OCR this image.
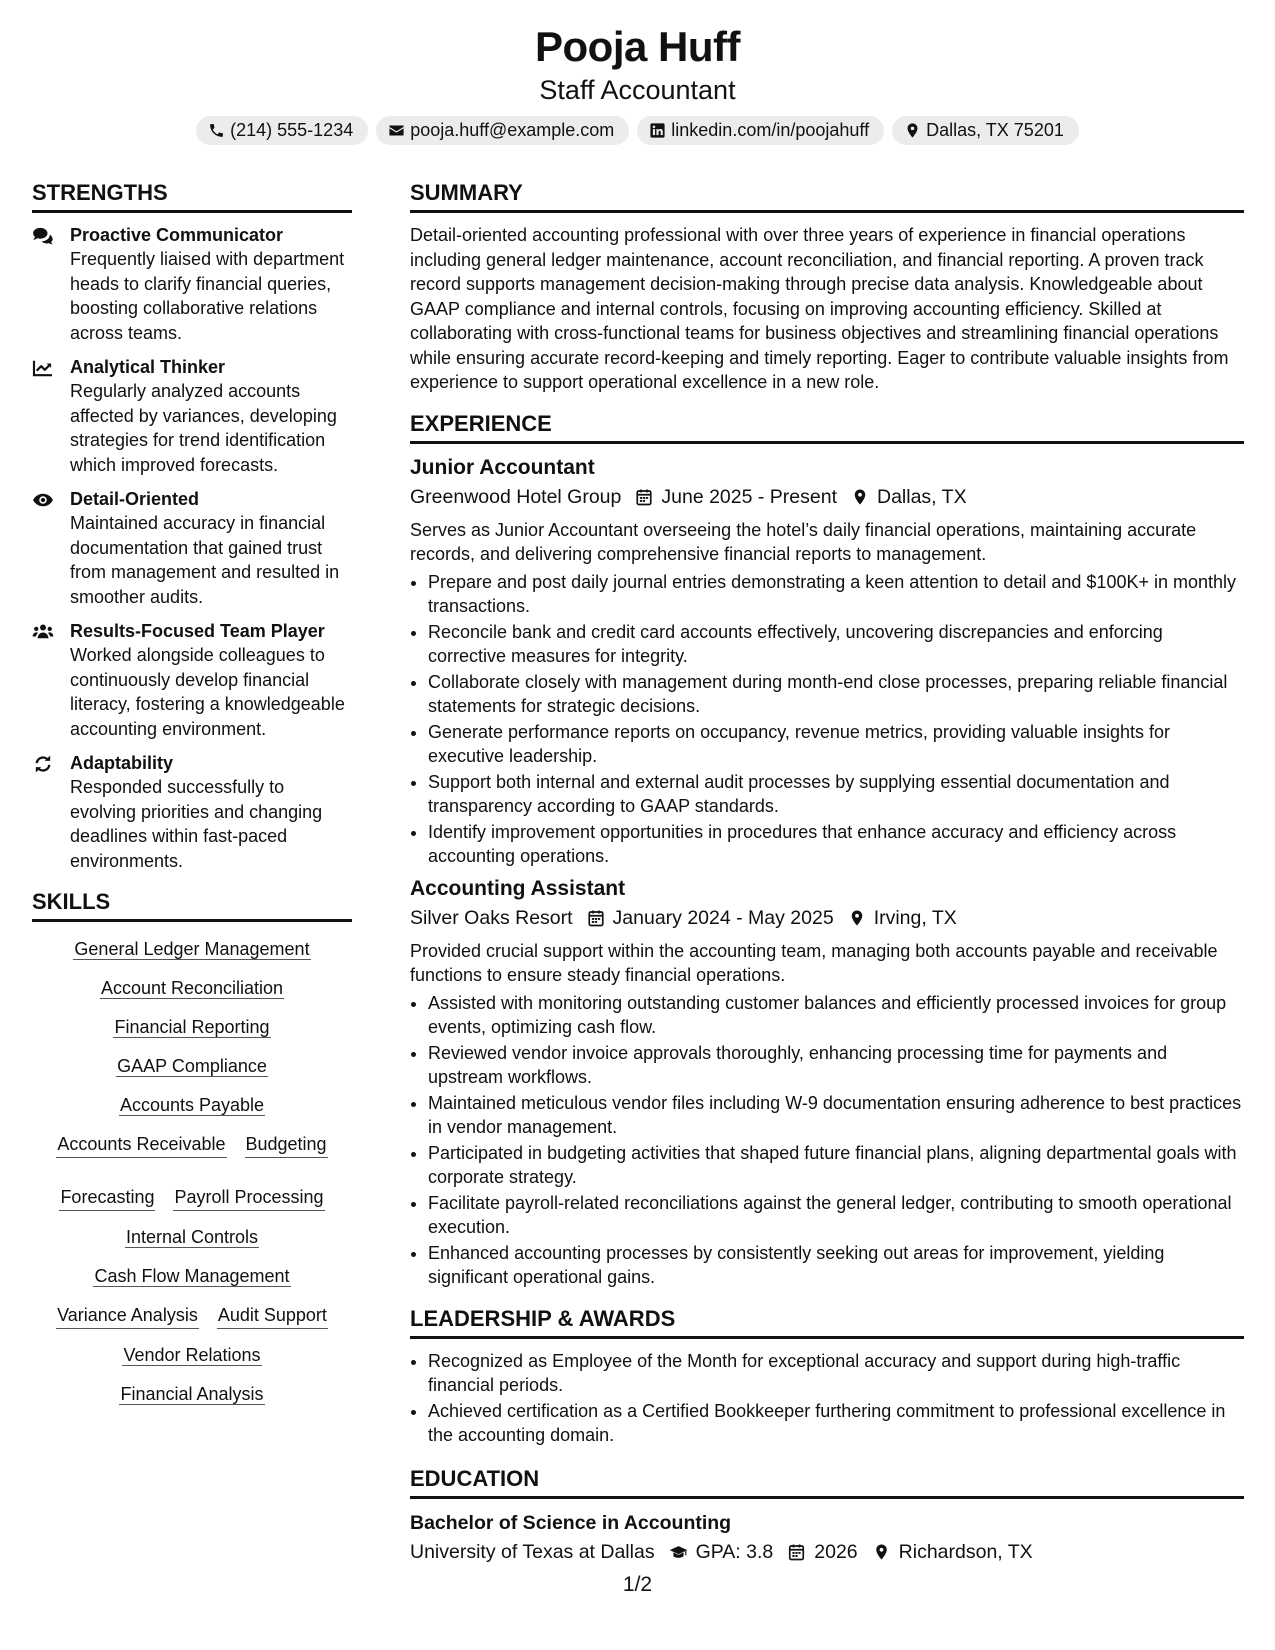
Pooja Huff
Staff Accountant
(214) 555-1234	pooja.huff@example.com	linkedin.com/in/poojahuff	Dallas, TX 75201
STRENGTHS
Proactive Communicator
Frequently liaised with department heads to clarify financial queries, boosting collaborative relations across teams.
Analytical Thinker
Regularly analyzed accounts affected by variances, developing strategies for trend identification which improved forecasts.
Detail-Oriented
Maintained accuracy in financial documentation that gained trust from management and resulted in smoother audits.
Results-Focused Team Player
Worked alongside colleagues to continuously develop financial literacy, fostering a knowledgeable accounting environment.
Adaptability
Responded successfully to evolving priorities and changing deadlines within fast-paced environments.
SKILLS
General Ledger Management
Account Reconciliation
Financial Reporting
GAAP Compliance
Accounts Payable
Accounts Receivable Budgeting
Forecasting Payroll Processing
Internal Controls
Cash Flow Management
Variance Analysis Audit Support
Vendor Relations
Financial Analysis
SUMMARY

Detail-oriented accounting professional with over three years of experience in financial operations including general ledger maintenance, account reconciliation, and financial reporting. A proven track record supports management decision-making through precise data analysis. Knowledgeable about GAAP compliance and internal controls, focusing on improving accounting efficiency. Skilled at collaborating with cross-functional teams for business objectives and streamlining financial operations while ensuring accurate record-keeping and timely reporting. Eager to contribute valuable insights from experience to support operational excellence in a new role.

EXPERIENCE
Junior Accountant
Greenwood Hotel Group June 2025 - Present Dallas, TX

Serves as Junior Accountant overseeing the hotel’s daily financial operations, maintaining accurate records, and delivering comprehensive financial reports to management.

• Prepare and post daily journal entries demonstrating a keen attention to detail and $100K+ in monthly transactions.
• Reconcile bank and credit card accounts effectively, uncovering discrepancies and enforcing corrective measures for integrity.
• Collaborate closely with management during month-end close processes, preparing reliable financial statements for strategic decisions.
• Generate performance reports on occupancy, revenue metrics, providing valuable insights for executive leadership.
• Support both internal and external audit processes by supplying essential documentation and transparency according to GAAP standards.
• Identify improvement opportunities in procedures that enhance accuracy and efficiency across accounting operations.
Accounting Assistant
Silver Oaks Resort January 2024 - May 2025 Irving, TX

Provided crucial support within the accounting team, managing both accounts payable and receivable functions to ensure steady financial operations.

• Assisted with monitoring outstanding customer balances and efficiently processed invoices for group events, optimizing cash flow.
• Reviewed vendor invoice approvals thoroughly, enhancing processing time for payments and upstream workflows.
• Maintained meticulous vendor files including W-9 documentation ensuring adherence to best practices in vendor management.
• Participated in budgeting activities that shaped future financial plans, aligning departmental goals with corporate strategy.
• Facilitate payroll-related reconciliations against the general ledger, contributing to smooth operational execution.
• Enhanced accounting processes by consistently seeking out areas for improvement, yielding significant operational gains.
LEADERSHIP & AWARDS
• Recognized as Employee of the Month for exceptional accuracy and support during high-traffic financial periods.
• Achieved certification as a Certified Bookkeeper furthering commitment to professional excellence in the accounting domain.
EDUCATION
Bachelor of Science in Accounting
University of Texas at Dallas GPA: 3.8 2026 Richardson, TX
1/2
